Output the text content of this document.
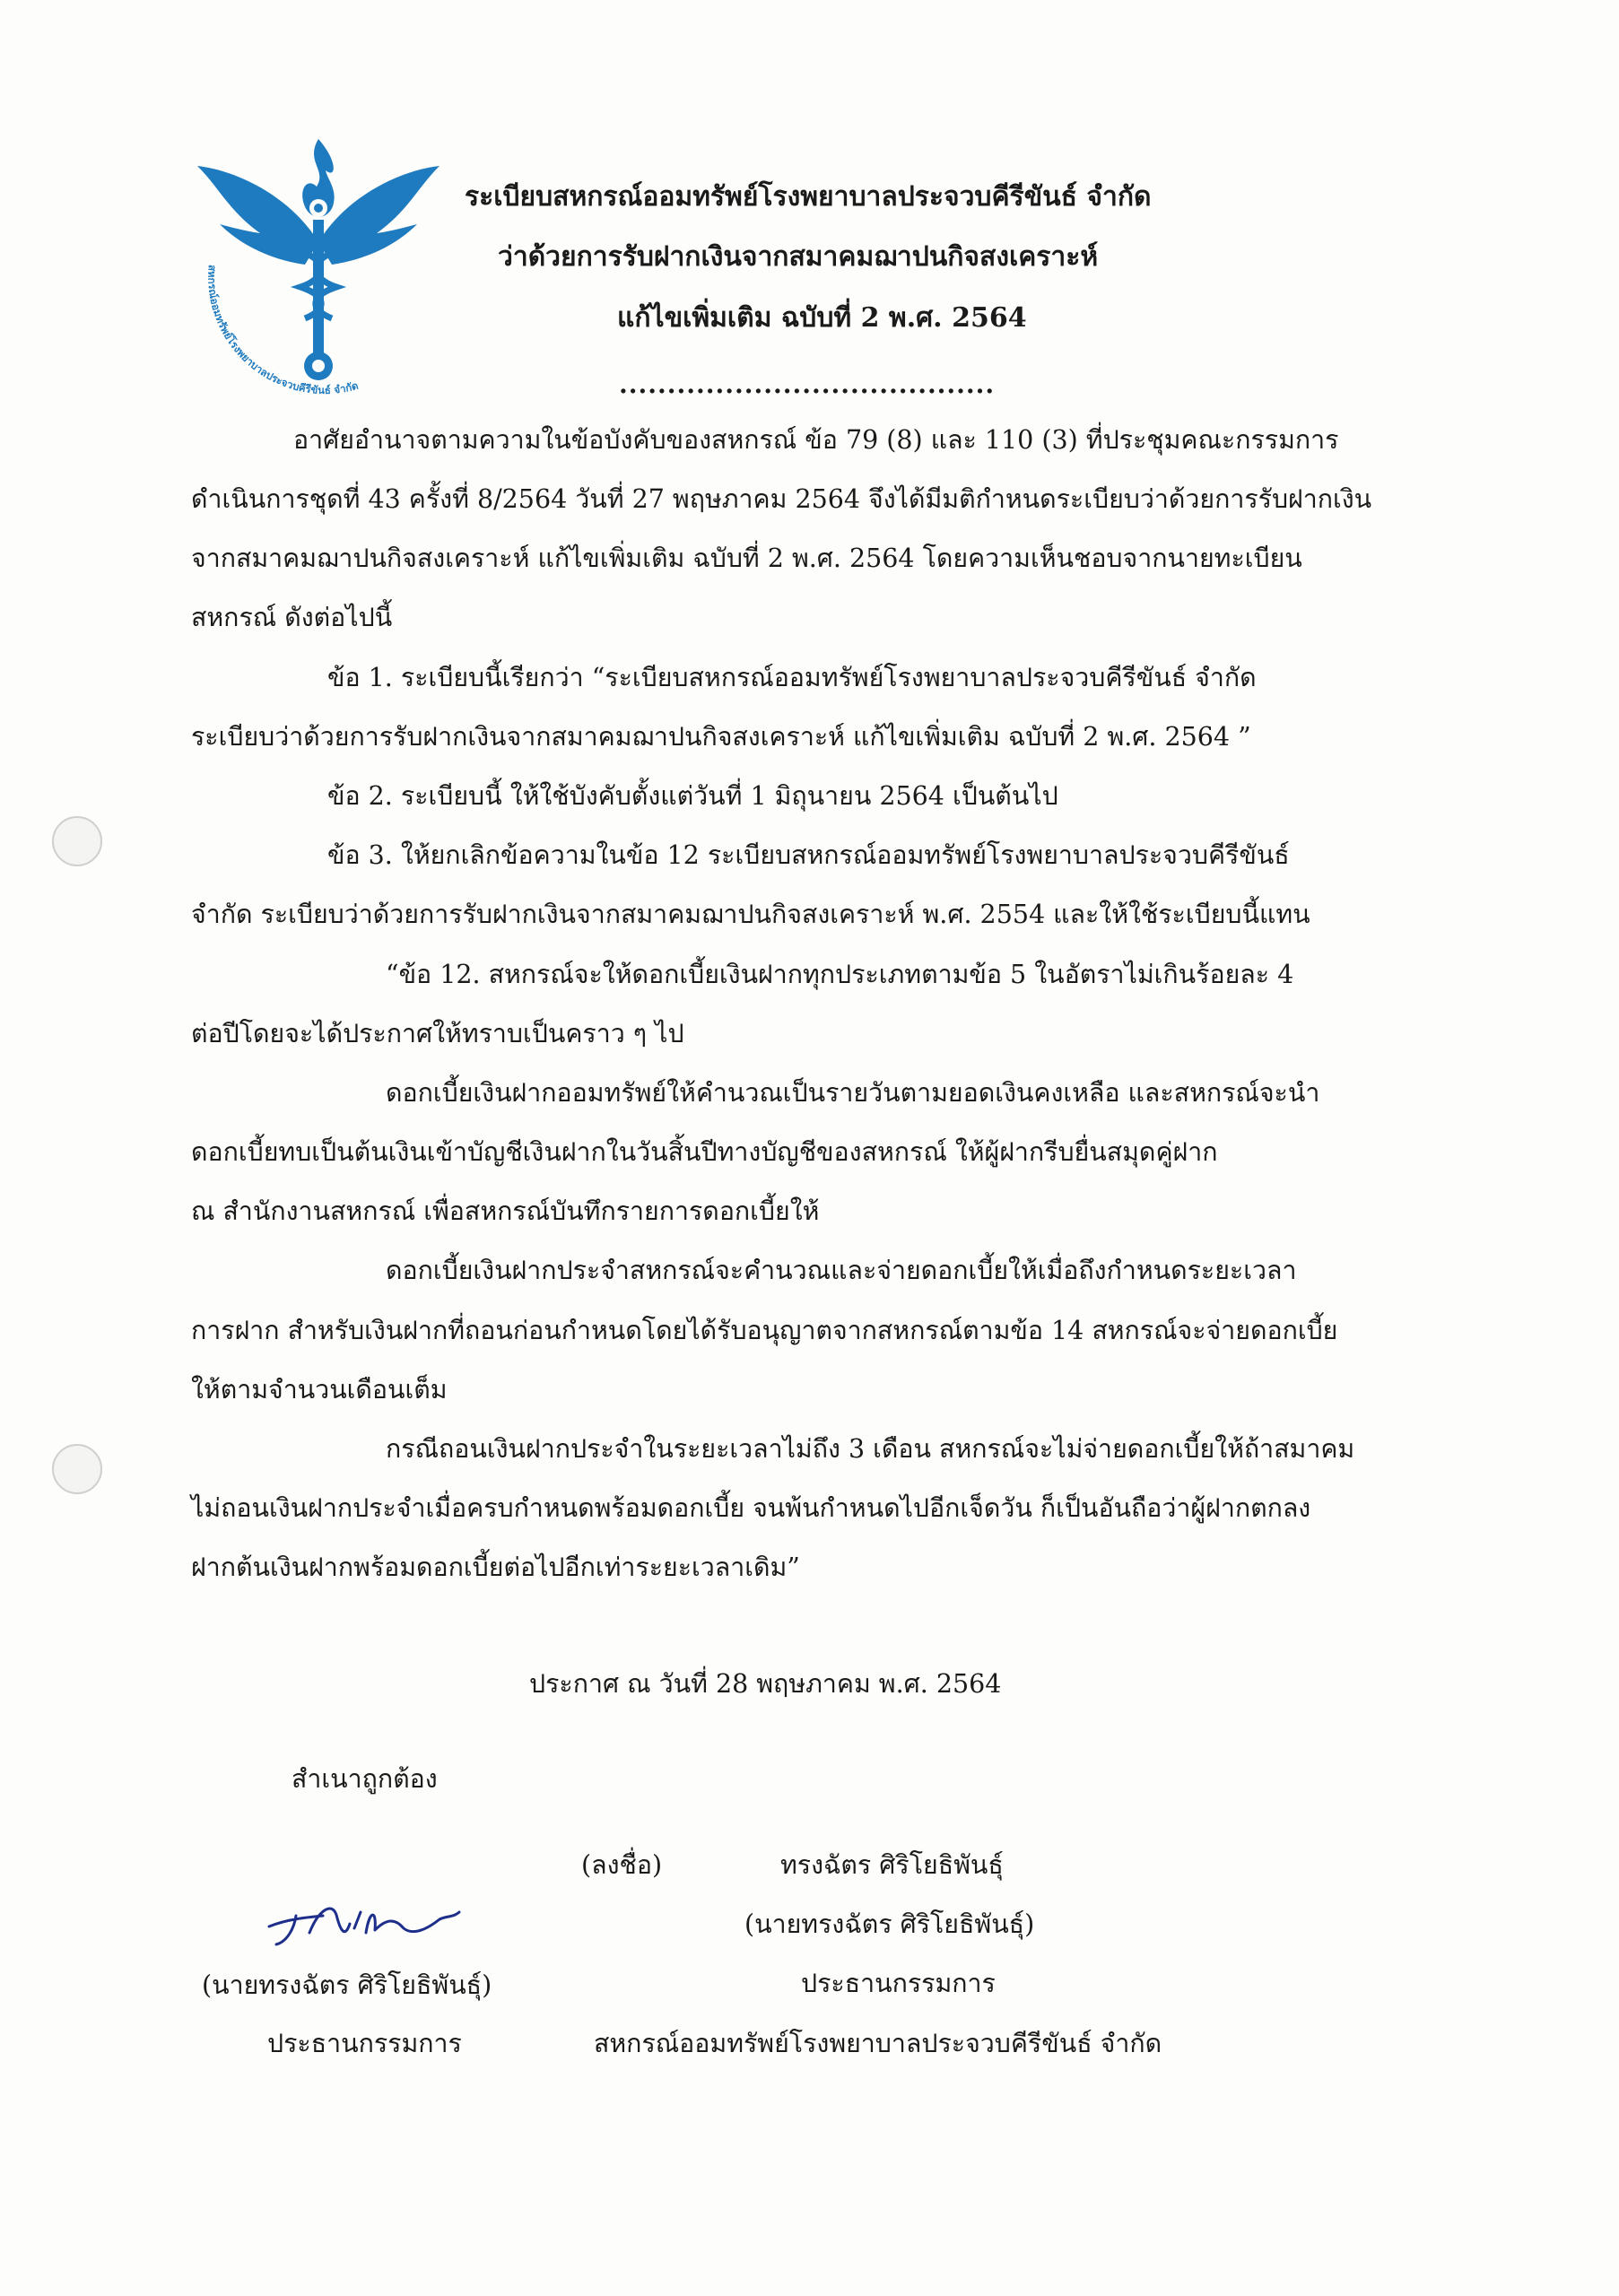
สหกรณ์ออมทรัพย์โรงพยาบาลประจวบคีรีขันธ์ จำกัด
ระเบียบสหกรณ์ออมทรัพย์โรงพยาบาลประจวบคีรีขันธ์ จำกัด
ว่าด้วยการรับฝากเงินจากสมาคมฌาปนกิจสงเคราะห์
แก้ไขเพิ่มเติม ฉบับที่ 2 พ.ศ. 2564
.......................................
อาศัยอำนาจตามความในข้อบังคับของสหกรณ์ ข้อ 79 (8) และ 110 (3) ที่ประชุมคณะกรรมการ
ดำเนินการชุดที่ 43 ครั้งที่ 8/2564 วันที่ 27 พฤษภาคม 2564 จึงได้มีมติกำหนดระเบียบว่าด้วยการรับฝากเงิน
จากสมาคมฌาปนกิจสงเคราะห์ แก้ไขเพิ่มเติม ฉบับที่ 2 พ.ศ. 2564 โดยความเห็นชอบจากนายทะเบียน
สหกรณ์ ดังต่อไปนี้
ข้อ 1. ระเบียบนี้เรียกว่า “ระเบียบสหกรณ์ออมทรัพย์โรงพยาบาลประจวบคีรีขันธ์ จำกัด
ระเบียบว่าด้วยการรับฝากเงินจากสมาคมฌาปนกิจสงเคราะห์ แก้ไขเพิ่มเติม ฉบับที่ 2 พ.ศ. 2564 ”
ข้อ 2. ระเบียบนี้ ให้ใช้บังคับตั้งแต่วันที่ 1 มิถุนายน 2564 เป็นต้นไป
ข้อ 3. ให้ยกเลิกข้อความในข้อ 12 ระเบียบสหกรณ์ออมทรัพย์โรงพยาบาลประจวบคีรีขันธ์
จำกัด ระเบียบว่าด้วยการรับฝากเงินจากสมาคมฌาปนกิจสงเคราะห์ พ.ศ. 2554 และให้ใช้ระเบียบนี้แทน
“ข้อ 12. สหกรณ์จะให้ดอกเบี้ยเงินฝากทุกประเภทตามข้อ 5 ในอัตราไม่เกินร้อยละ 4
ต่อปีโดยจะได้ประกาศให้ทราบเป็นคราว ๆ ไป
ดอกเบี้ยเงินฝากออมทรัพย์ให้คำนวณเป็นรายวันตามยอดเงินคงเหลือ และสหกรณ์จะนำ
ดอกเบี้ยทบเป็นต้นเงินเข้าบัญชีเงินฝากในวันสิ้นปีทางบัญชีของสหกรณ์ ให้ผู้ฝากรีบยื่นสมุดคู่ฝาก
ณ สำนักงานสหกรณ์ เพื่อสหกรณ์บันทึกรายการดอกเบี้ยให้
ดอกเบี้ยเงินฝากประจำสหกรณ์จะคำนวณและจ่ายดอกเบี้ยให้เมื่อถึงกำหนดระยะเวลา
การฝาก สำหรับเงินฝากที่ถอนก่อนกำหนดโดยได้รับอนุญาตจากสหกรณ์ตามข้อ 14 สหกรณ์จะจ่ายดอกเบี้ย
ให้ตามจำนวนเดือนเต็ม
กรณีถอนเงินฝากประจำในระยะเวลาไม่ถึง 3 เดือน สหกรณ์จะไม่จ่ายดอกเบี้ยให้ถ้าสมาคม
ไม่ถอนเงินฝากประจำเมื่อครบกำหนดพร้อมดอกเบี้ย จนพ้นกำหนดไปอีกเจ็ดวัน ก็เป็นอันถือว่าผู้ฝากตกลง
ฝากต้นเงินฝากพร้อมดอกเบี้ยต่อไปอีกเท่าระยะเวลาเดิม”
ประกาศ ณ วันที่ 28 พฤษภาคม พ.ศ. 2564
สำเนาถูกต้อง
(นายทรงฉัตร ศิริโยธิพันธุ์)
ประธานกรรมการ
(ลงชื่อ)	ทรงฉัตร ศิริโยธิพันธุ์
(นายทรงฉัตร ศิริโยธิพันธุ์)
ประธานกรรมการ
สหกรณ์ออมทรัพย์โรงพยาบาลประจวบคีรีขันธ์ จำกัด
